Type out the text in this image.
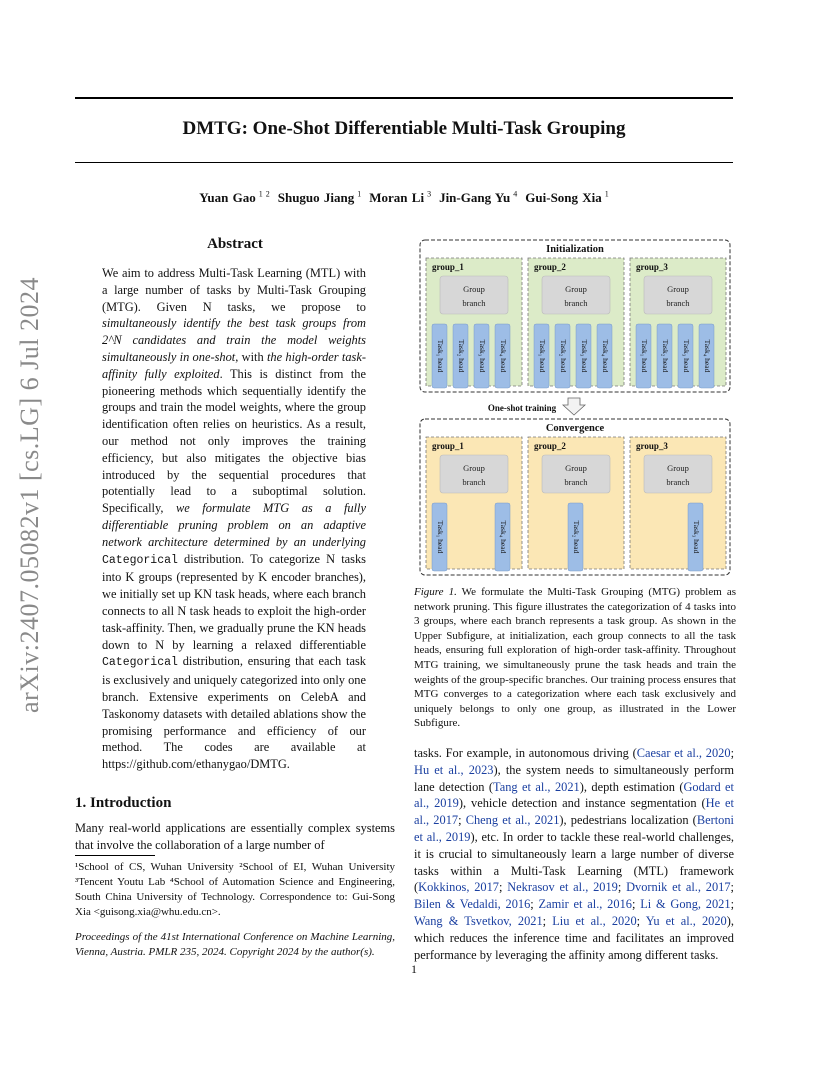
DMTG: One-Shot Differentiable Multi-Task Grouping
Yuan Gao $^{1 2}$ Shuguo Jiang $^1$ Moran Li $^3$ Jin-Gang Yu $^4$ Gui-Song Xia $^1$
arXiv:2407.05082v1 [cs.LG] 6 Jul 2024
Abstract
We aim to address Multi-Task Learning (MTL) with a large number of tasks by Multi-Task Grouping (MTG). Given N tasks, we propose to simultaneously identify the best task groups from 2^N candidates and train the model weights simultaneously in one-shot, with the high-order task-affinity fully exploited. This is distinct from the pioneering methods which sequentially identify the groups and train the model weights, where the group identification often relies on heuristics. As a result, our method not only improves the training efficiency, but also mitigates the objective bias introduced by the sequential procedures that potentially lead to a suboptimal solution. Specifically, we formulate MTG as a fully differentiable pruning problem on an adaptive network architecture determined by an underlying Categorical distribution. To categorize N tasks into K groups (represented by K encoder branches), we initially set up KN task heads, where each branch connects to all N task heads to exploit the high-order task-affinity. Then, we gradually prune the KN heads down to N by learning a relaxed differentiable Categorical distribution, ensuring that each task is exclusively and uniquely categorized into only one branch. Extensive experiments on CelebA and Taskonomy datasets with detailed ablations show the promising performance and efficiency of our method. The codes are available at https://github.com/ethanygao/DMTG.
1. Introduction
Many real-world applications are essentially complex systems that involve the collaboration of a large number of
¹School of CS, Wuhan University ²School of EI, Wuhan University ³Tencent Youtu Lab ⁴School of Automation Science and Engineering, South China University of Technology. Correspondence to: Gui-Song Xia <guisong.xia@whu.edu.cn>.
Proceedings of the 41st International Conference on Machine Learning, Vienna, Austria. PMLR 235, 2024. Copyright 2024 by the author(s).
Initialization
group_1
Group
branch
Task₁ head Task₂ head Task₃ head Task₄ head
group_2
Group
branch
Task₁ head Task₂ head Task₃ head Task₄ head
group_3
Group
branch
Task₁ head Task₂ head Task₃ head Task₄ head
One-shot training
Convergence
group_1
Group
branch
Task₁ head	Task₄ head
group_2
Group
branch
Task₂ head
group_3
Group
branch
Task₃ head
Figure 1. We formulate the Multi-Task Grouping (MTG) problem as network pruning. This figure illustrates the categorization of 4 tasks into 3 groups, where each branch represents a task group. As shown in the Upper Subfigure, at initialization, each group connects to all the task heads, ensuring full exploration of high-order task-affinity. Throughout MTG training, we simultaneously prune the task heads and train the weights of the group-specific branches. Our training process ensures that MTG converges to a categorization where each task exclusively and uniquely belongs to only one group, as illustrated in the Lower Subfigure.
tasks. For example, in autonomous driving (Caesar et al., 2020; Hu et al., 2023), the system needs to simultaneously perform lane detection (Tang et al., 2021), depth estimation (Godard et al., 2019), vehicle detection and instance segmentation (He et al., 2017; Cheng et al., 2021), pedestrians localization (Bertoni et al., 2019), etc. In order to tackle these real-world challenges, it is crucial to simultaneously learn a large number of diverse tasks within a Multi-Task Learning (MTL) framework (Kokkinos, 2017; Nekrasov et al., 2019; Dvornik et al., 2017; Bilen & Vedaldi, 2016; Zamir et al., 2016; Li & Gong, 2021; Wang & Tsvetkov, 2021; Liu et al., 2020; Yu et al., 2020), which reduces the inference time and facilitates an improved performance by leveraging the affinity among different tasks.
1
